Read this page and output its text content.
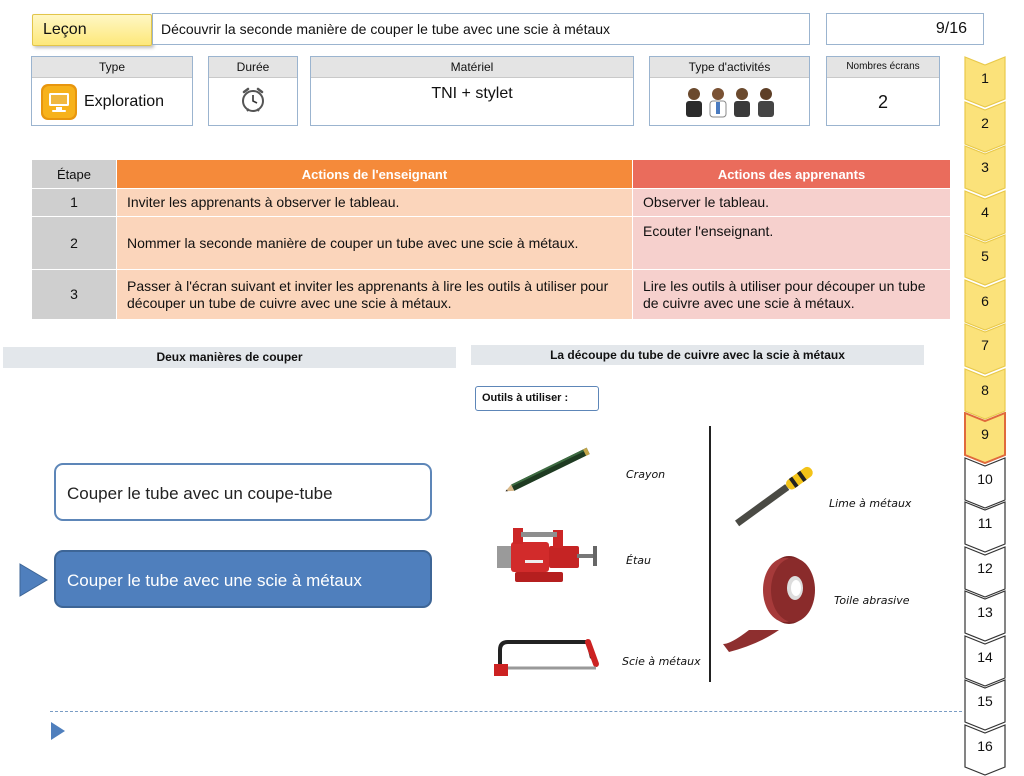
Leçon	Découvrir la seconde manière de couper le tube avec une scie à métaux	9/16
Type
Exploration
Durée	Matériel
TNI + stylet
Type d'activités	Nombres écrans
2
Étape	Actions de l'enseignant	Actions des apprenants
1	Inviter les apprenants à observer le tableau.	Observer le tableau.
2	Nommer la seconde manière de couper un tube avec une scie à métaux.	Ecouter l'enseignant.
3	Passer à l'écran suivant et inviter les apprenants à lire les outils à utiliser pour découper un tube de cuivre avec une scie à métaux.	Lire les outils à utiliser pour découper un tube de cuivre avec une scie à métaux.
Deux manières de couper
Couper le tube avec un coupe-tube
Couper le tube avec une scie à métaux
La découpe du tube de cuivre avec la scie à métaux
Outils à utiliser :
Crayon
Étau
Scie à métaux
Lime à métaux
Toile abrasive
1
2
3
4
5
6
7
8
9
10
11
12
13
14
15
16
